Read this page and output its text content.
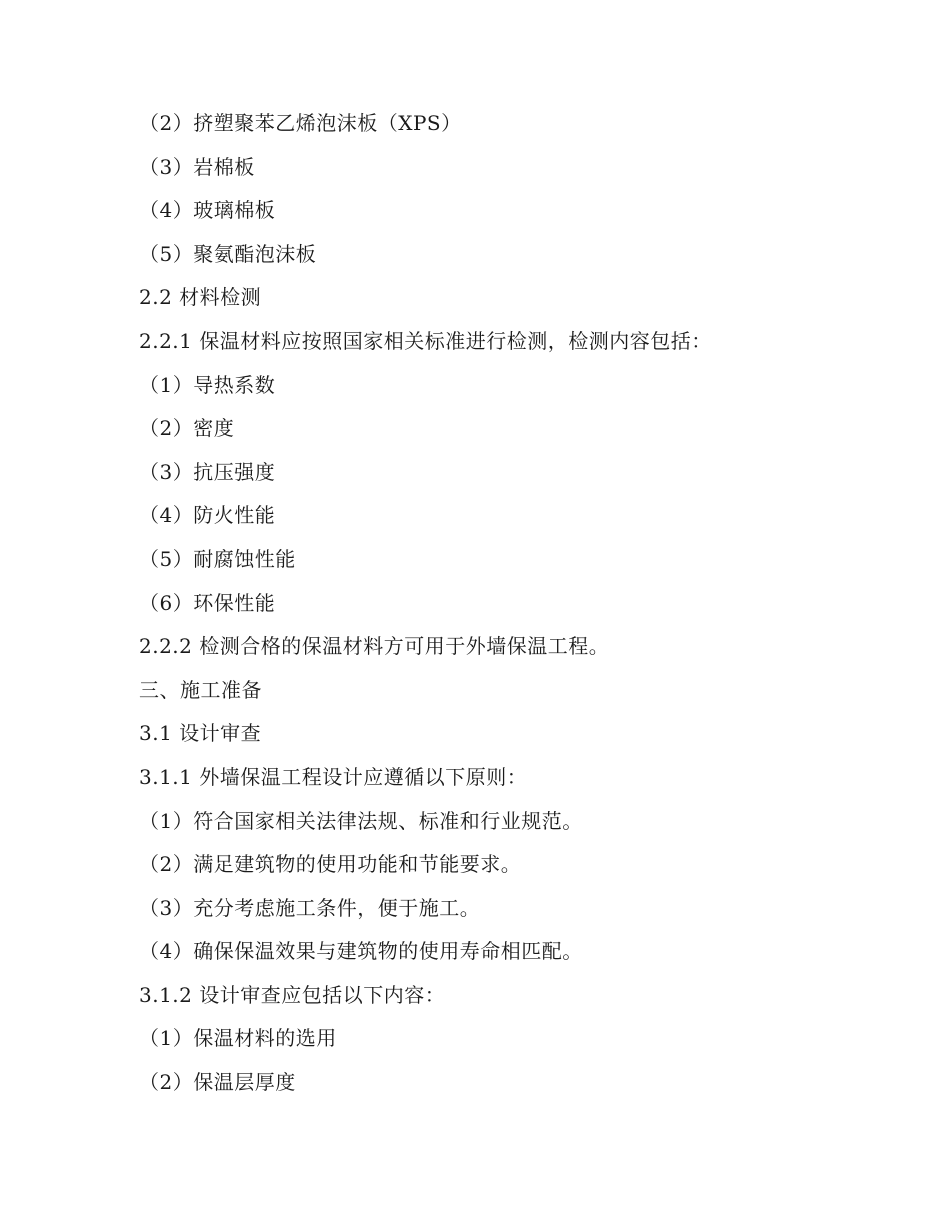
（2）挤塑聚苯乙烯泡沫板（XPS）
（3）岩棉板
（4）玻璃棉板
（5）聚氨酯泡沫板
2.2 材料检测
2.2.1 保温材料应按照国家相关标准进行检测，检测内容包括：
（1）导热系数
（2）密度
（3）抗压强度
（4）防火性能
（5）耐腐蚀性能
（6）环保性能
2.2.2 检测合格的保温材料方可用于外墙保温工程。
三、施工准备
3.1 设计审查
3.1.1 外墙保温工程设计应遵循以下原则：
（1）符合国家相关法律法规、标准和行业规范。
（2）满足建筑物的使用功能和节能要求。
（3）充分考虑施工条件，便于施工。
（4）确保保温效果与建筑物的使用寿命相匹配。
3.1.2 设计审查应包括以下内容：
（1）保温材料的选用
（2）保温层厚度
